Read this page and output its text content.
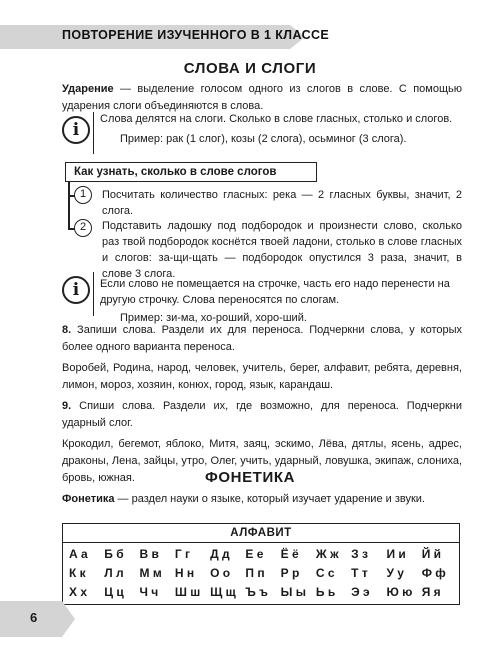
ПОВТОРЕНИЕ ИЗУЧЕННОГО В 1 КЛАССЕ
СЛОВА И СЛОГИ
Ударение — выделение голосом одного из слогов в слове. С помощью ударения слоги объединяются в слова.
i
Слова делятся на слоги. Сколько в слове гласных, столько и слогов.
Пример: рак (1 слог), козы (2 слога), осьминог (3 слога).
Как узнать, сколько в слове слогов
1	Посчитать количество гласных: река — 2 гласных буквы, значит, 2 слога.
2	Подставить ладошку под подбородок и произнести слово, сколько раз твой подбородок коснётся твоей ладони, столько в слове гласных и слогов: за-щи-щать — подбородок опустился 3 раза, значит, в слове 3 слога.
i	Если слово не помещается на строчке, часть его надо перенести на другую строчку. Слова переносятся по слогам.
Пример: зи-ма, хо-роший, хоро-ший.
8. Запиши слова. Раздели их для переноса. Подчеркни слова, у которых более одного варианта переноса.
Воробей, Родина, народ, человек, учитель, берег, алфавит, ребята, деревня, лимон, мороз, хозяин, конюх, город, язык, карандаш.
9. Спиши слова. Раздели их, где возможно, для переноса. Подчеркни ударный слог.
Крокодил, бегемот, яблоко, Митя, заяц, эскимо, Лёва, дятлы, ясень, адрес, драконы, Лена, зайцы, утро, Олег, учить, ударный, ловушка, экипаж, слониха, бровь, южная.	ФОНЕТИКА
Фонетика — раздел науки о языке, который изучает ударение и звуки.
АЛФАВИТ
А а	Б б	В в	Г г	Д д	Е е	Ё ё	Ж ж	З з	И и	Й й
К к	Л л	М м	Н н	О о	П п	Р р	С с	Т т	У у	Ф ф
Х х	Ц ц	Ч ч	Ш ш Щ щ Ъ ъ	Ы ы Ь ь	Э э	Ю ю Я я
6
